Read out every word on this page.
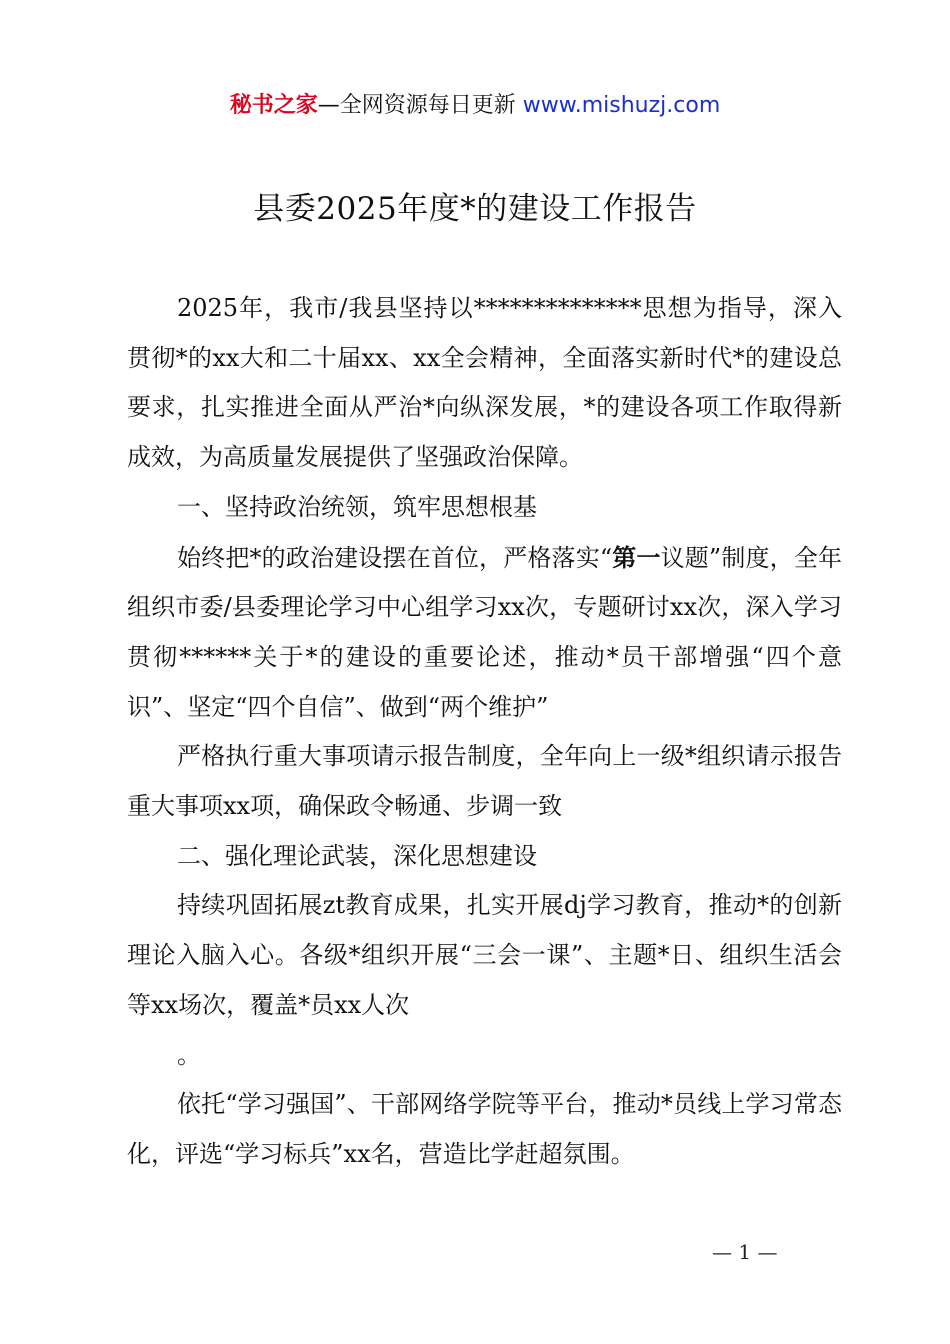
秘书之家—全网资源每日更新 www.mishuzj.com
县委2025年度*的建设工作报告

2025年，我市/我县坚持以**************思想为指导，深入贯彻*的xx大和二十届xx、xx全会精神，全面落实新时代*的建设总要求，扎实推进全面从严治*向纵深发展，*的建设各项工作取得新成效，为高质量发展提供了坚强政治保障。

一、坚持政治统领，筑牢思想根基

始终把*的政治建设摆在首位，严格落实“第一议题”制度，全年组织市委/县委理论学习中心组学习xx次，专题研讨xx次，深入学习贯彻******关于*的建设的重要论述，推动*员干部增强“四个意识”、坚定“四个自信”、做到“两个维护”

严格执行重大事项请示报告制度，全年向上一级*组织请示报告重大事项xx项，确保政令畅通、步调一致

二、强化理论武装，深化思想建设

持续巩固拓展zt教育成果，扎实开展dj学习教育，推动*的创新理论入脑入心。各级*组织开展“三会一课”、主题*日、组织生活会等xx场次，覆盖*员xx人次

。

依托“学习强国”、干部网络学院等平台，推动*员线上学习常态化，评选“学习标兵”xx名，营造比学赶超氛围。

— 1 —
